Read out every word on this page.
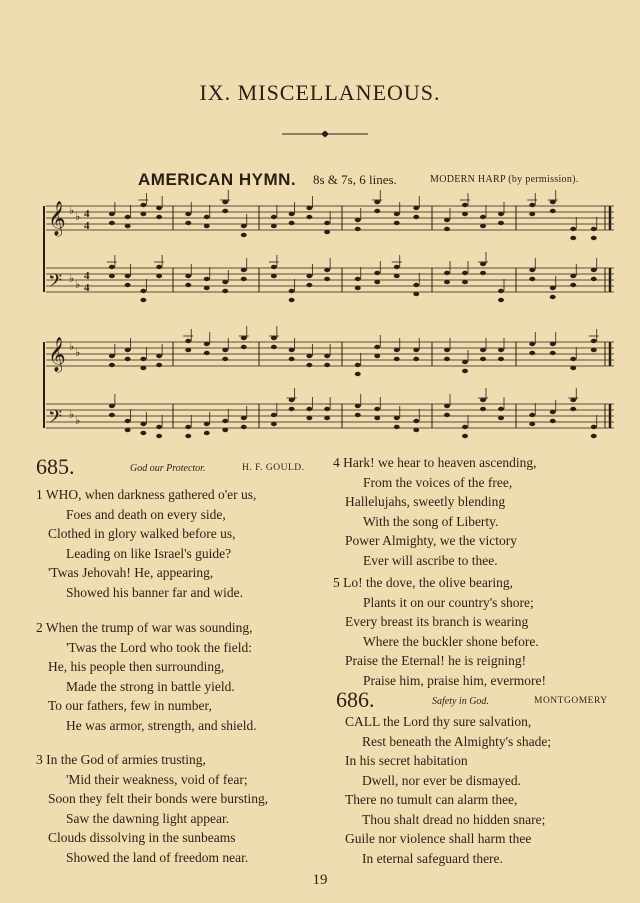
IX. MISCELLANEOUS.
AMERICAN HYMN. 8s & 7s, 6 lines.	MODERN HARP (by permission).
𝄞 ♭ ♭ 4
4
𝄢 ♭ ♭
4
4
𝄞 ♭ ♭
𝄢 ♭ ♭
685.	God our Protector.	H. F. GOULD.
1 WHO, when darkness gathered o'er us,
Foes and death on every side,
Clothed in glory walked before us,
Leading on like Israel's guide?
'Twas Jehovah! He, appearing,
Showed his banner far and wide.
2 When the trump of war was sounding,
'Twas the Lord who took the field:
He, his people then surrounding,
Made the strong in battle yield.
To our fathers, few in number,
He was armor, strength, and shield.
3 In the God of armies trusting,
'Mid their weakness, void of fear;
Soon they felt their bonds were bursting,
Saw the dawning light appear.
Clouds dissolving in the sunbeams
Showed the land of freedom near.
4 Hark! we hear to heaven ascending,
From the voices of the free,
Hallelujahs, sweetly blending
With the song of Liberty.
Power Almighty, we the victory
Ever will ascribe to thee.
5 Lo! the dove, the olive bearing,
Plants it on our country's shore;
Every breast its branch is wearing
Where the buckler shone before.
Praise the Eternal! he is reigning!
Praise him, praise him, evermore!
686.	Safety in God.	MONTGOMERY
CALL the Lord thy sure salvation,
Rest beneath the Almighty's shade;
In his secret habitation
Dwell, nor ever be dismayed.
There no tumult can alarm thee,
Thou shalt dread no hidden snare;
Guile nor violence shall harm thee
In eternal safeguard there.
19
